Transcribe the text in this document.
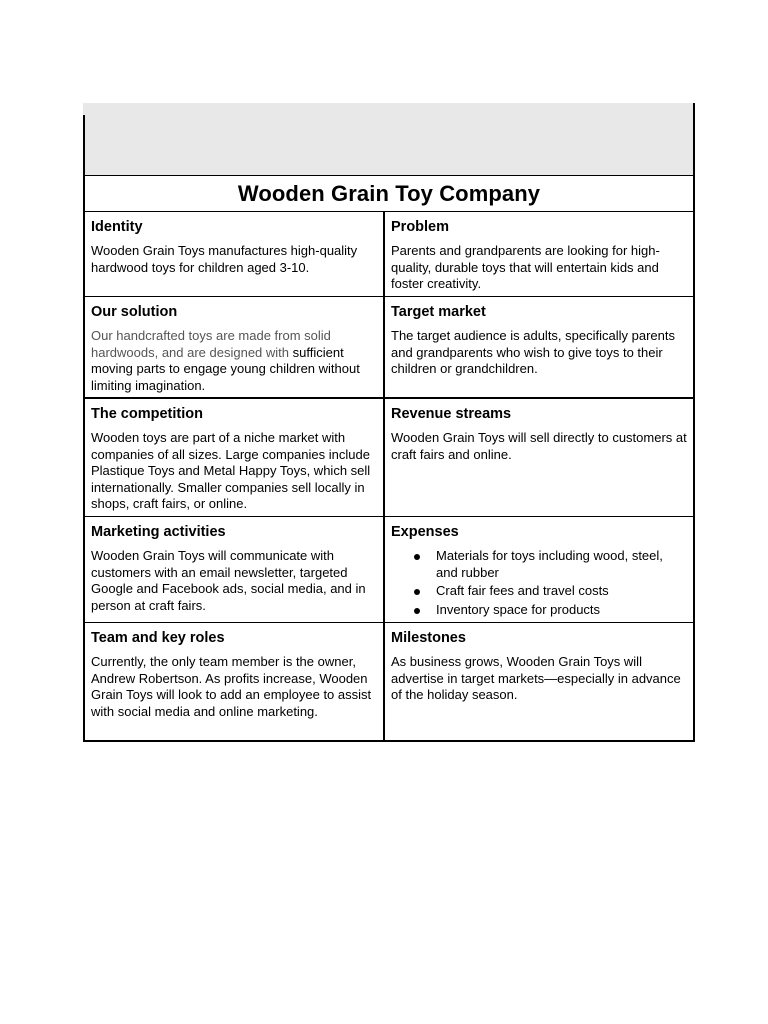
Wooden Grain Toy Company
Identity

Wooden Grain Toys manufactures high-quality hardwood toys for children aged 3-10.

Problem

Parents and grandparents are looking for high-quality, durable toys that will entertain kids and foster creativity.

Our solution

Our handcrafted toys are made from solid hardwoods, and are designed with sufficient moving parts to engage young children without limiting imagination.

Target market

The target audience is adults, specifically parents and grandparents who wish to give toys to their children or grandchildren.

The competition

Wooden toys are part of a niche market with companies of all sizes. Large companies include Plastique Toys and Metal Happy Toys, which sell internationally. Smaller companies sell locally in shops, craft fairs, or online.

Revenue streams

Wooden Grain Toys will sell directly to customers at craft fairs and online.

Marketing activities

Wooden Grain Toys will communicate with customers with an email newsletter, targeted Google and Facebook ads, social media, and in person at craft fairs.

Expenses
Materials for toys including wood, steel, and rubber
Craft fair fees and travel costs
Inventory space for products
Team and key roles

Currently, the only team member is the owner, Andrew Robertson. As profits increase, Wooden Grain Toys will look to add an employee to assist with social media and online marketing.

Milestones

As business grows, Wooden Grain Toys will advertise in target markets—especially in advance of the holiday season.
